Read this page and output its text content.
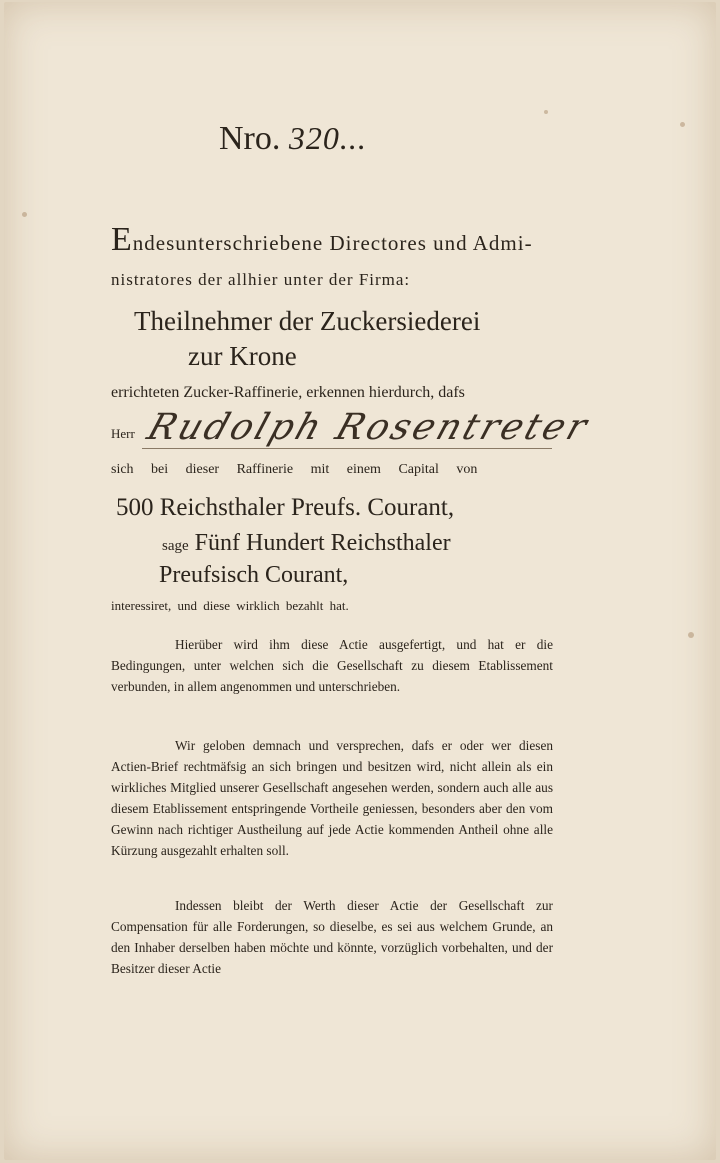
Nro. 320...
Endesunterschriebene Directores und Admi-
nistratores der allhier unter der Firma:
Theilnehmer der Zuckersiederei
zur Krone
errichteten Zucker-Raffinerie, erkennen hierdurch, dafs
Herr Rudolph Rosentreter
sich bei dieser Raffinerie mit einem Capital von
500 Reichsthaler Preufs. Courant,
sage Fünf Hundert Reichsthaler
Preufsisch Courant,
interessiret, und diese wirklich bezahlt hat.
Hierüber wird ihm diese Actie ausgefertigt, und hat er die Bedingungen, unter welchen sich die Gesellschaft zu diesem Etablissement verbunden, in allem angenommen und unterschrieben.
Wir geloben demnach und versprechen, dafs er oder wer diesen Actien-Brief rechtmäfsig an sich bringen und besitzen wird, nicht allein als ein wirkliches Mitglied unserer Gesellschaft angesehen werden, sondern auch alle aus diesem Etablissement entspringende Vortheile geniessen, besonders aber den vom Gewinn nach richtiger Austheilung auf jede Actie kommenden Antheil ohne alle Kürzung ausgezahlt erhalten soll.
Indessen bleibt der Werth dieser Actie der Gesellschaft zur Compensation für alle Forderungen, so dieselbe, es sei aus welchem Grunde, an den Inhaber derselben haben möchte und könnte, vorzüglich vorbehalten, und der Besitzer dieser Actie
